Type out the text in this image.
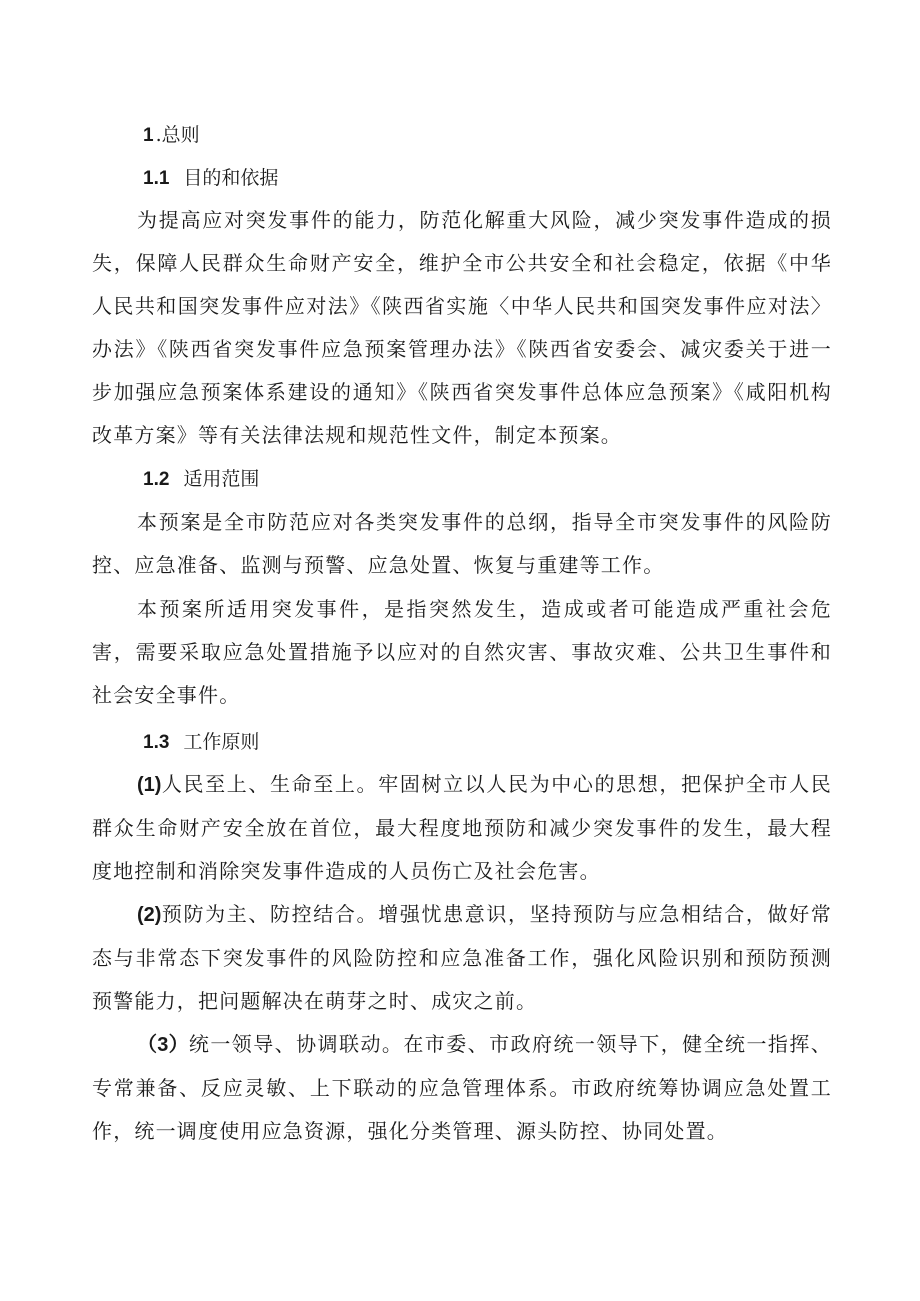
1 .总则
1.1 目的和依据

为提高应对突发事件的能力，防范化解重大风险，减少突发事件造成的损失，保障人民群众生命财产安全，维护全市公共安全和社会稳定，依据《中华人民共和国突发事件应对法》《陕西省实施〈中华人民共和国突发事件应对法〉办法》《陕西省突发事件应急预案管理办法》《陕西省安委会、减灾委关于进一步加强应急预案体系建设的通知》《陕西省突发事件总体应急预案》《咸阳机构改革方案》等有关法律法规和规范性文件，制定本预案。

1.2 适用范围

本预案是全市防范应对各类突发事件的总纲，指导全市突发事件的风险防控、应急准备、监测与预警、应急处置、恢复与重建等工作。

本预案所适用突发事件，是指突然发生，造成或者可能造成严重社会危害，需要采取应急处置措施予以应对的自然灾害、事故灾难、公共卫生事件和社会安全事件。

1.3 工作原则

(1)人民至上、生命至上。牢固树立以人民为中心的思想，把保护全市人民群众生命财产安全放在首位，最大程度地预防和减少突发事件的发生，最大程度地控制和消除突发事件造成的人员伤亡及社会危害。

(2)预防为主、防控结合。增强忧患意识，坚持预防与应急相结合，做好常态与非常态下突发事件的风险防控和应急准备工作，强化风险识别和预防预测预警能力，把问题解决在萌芽之时、成灾之前。

（3）统一领导、协调联动。在市委、市政府统一领导下，健全统一指挥、专常兼备、反应灵敏、上下联动的应急管理体系。市政府统筹协调应急处置工作，统一调度使用应急资源，强化分类管理、源头防控、协同处置。
